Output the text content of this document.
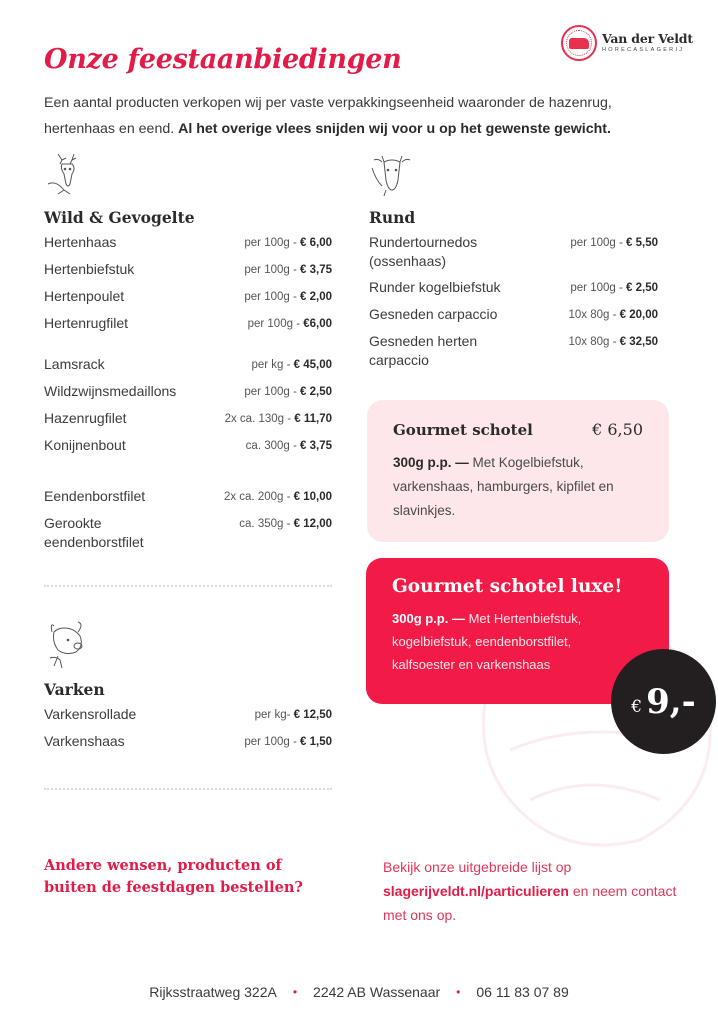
Van der Veldt
HORECASLAGERIJ
Onze feestaanbiedingen

Een aantal producten verkopen wij per vaste verpakkingseenheid waaronder de hazenrug, hertenhaas en eend. Al het overige vlees snijden wij voor u op het gewenste gewicht.

Wild & Gevogelte
Hertenhaas	per 100g - € 6,00
Hertenbiefstuk	per 100g - € 3,75
Hertenpoulet	per 100g - € 2,00
Hertenrugfilet	per 100g - €6,00
Lamsrack	per kg - € 45,00
Wildzwijnsmedaillons	per 100g - € 2,50
Hazenrugfilet	2x ca. 130g - € 11,70
Konijnenbout	ca. 300g - € 3,75
Eendenborstfilet	2x ca. 200g - € 10,00
Gerookte eendenborstfilet
ca. 350g - € 12,00
Varken
Varkensrollade	per kg- € 12,50
Varkenshaas	per 100g - € 1,50
Rund
Rundertournedos (ossenhaas)
per 100g - € 5,50
Runder kogelbiefstuk	per 100g - € 2,50
Gesneden carpaccio	10x 80g - € 20,00
Gesneden herten carpaccio
10x 80g - € 32,50
Gourmet schotel	€ 6,50
300g p.p. — Met Kogelbiefstuk, varkenshaas, hamburgers, kipfilet en slavinkjes.
Gourmet schotel luxe!
300g p.p. — Met Hertenbiefstuk, kogelbiefstuk, eendenborstfilet, kalfsoester en varkenshaas
€ 9,-
Andere wensen, producten of buiten de feestdagen bestellen?
Bekijk onze uitgebreide lijst op slagerijveldt.nl/particulieren en neem contact met ons op.
Rijksstraatweg 322A • 2242 AB Wassenaar • 06 11 83 07 89
